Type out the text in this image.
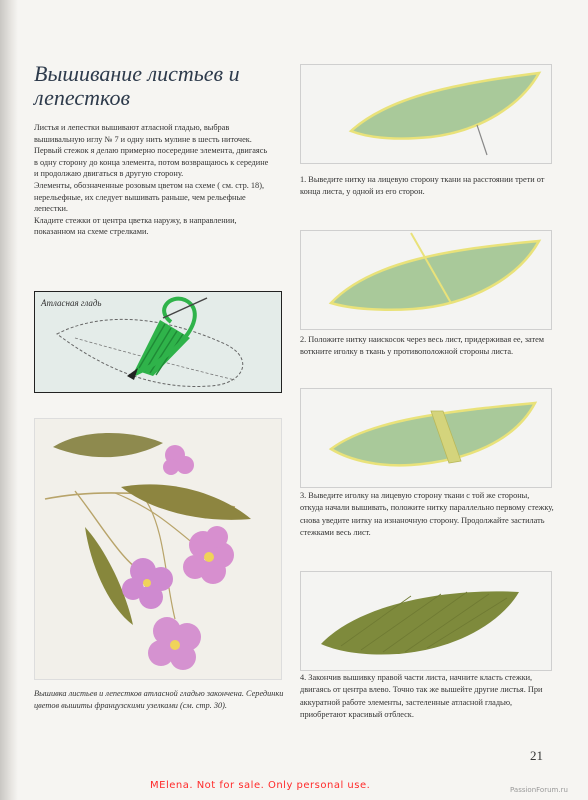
Вышивание листьев и лепестков

Листья и лепестки вышивают атласной гладью, выбрав вышивальную иглу № 7 и одну нить мулине в шесть ниточек.

Первый стежок я делаю примерно посередине элемента, двигаясь в одну сторону до конца элемента, потом возвращаюсь к середине и продолжаю двигаться в другую сторону.

Элементы, обозначенные розовым цветом на схеме ( см. стр. 18), нерельефные, их следует вышивать раньше, чем рельефные лепестки.

Кладите стежки от центра цветка наружу, в направлении, показанном на схеме стрелками.

Атласная гладь
Вышивка листьев и лепестков атласной гладью закончена. Серединки цветов вышиты французскими узелками (см. стр. 30).
1. Выведите нитку на лицевую сторону ткани на расстоянии трети от конца листа, у одной из его сторон.
2. Положите нитку наискосок через весь лист, придерживая ее, затем воткните иголку в ткань у противоположной стороны листа.
3. Выведите иголку на лицевую сторону ткани с той же стороны, откуда начали вышивать, положите нитку параллельно первому стежку, снова уведите нитку на изнаночную сторону. Продолжайте застилать стежками весь лист.
4. Закончив вышивку правой части листа, начните класть стежки, двигаясь от центра влево. Точно так же вышейте другие листья. При аккуратной работе элементы, застеленные атласной гладью, приобретают красивый отблеск.
21
MElena. Not for sale. Only personal use.	PassionForum.ru
